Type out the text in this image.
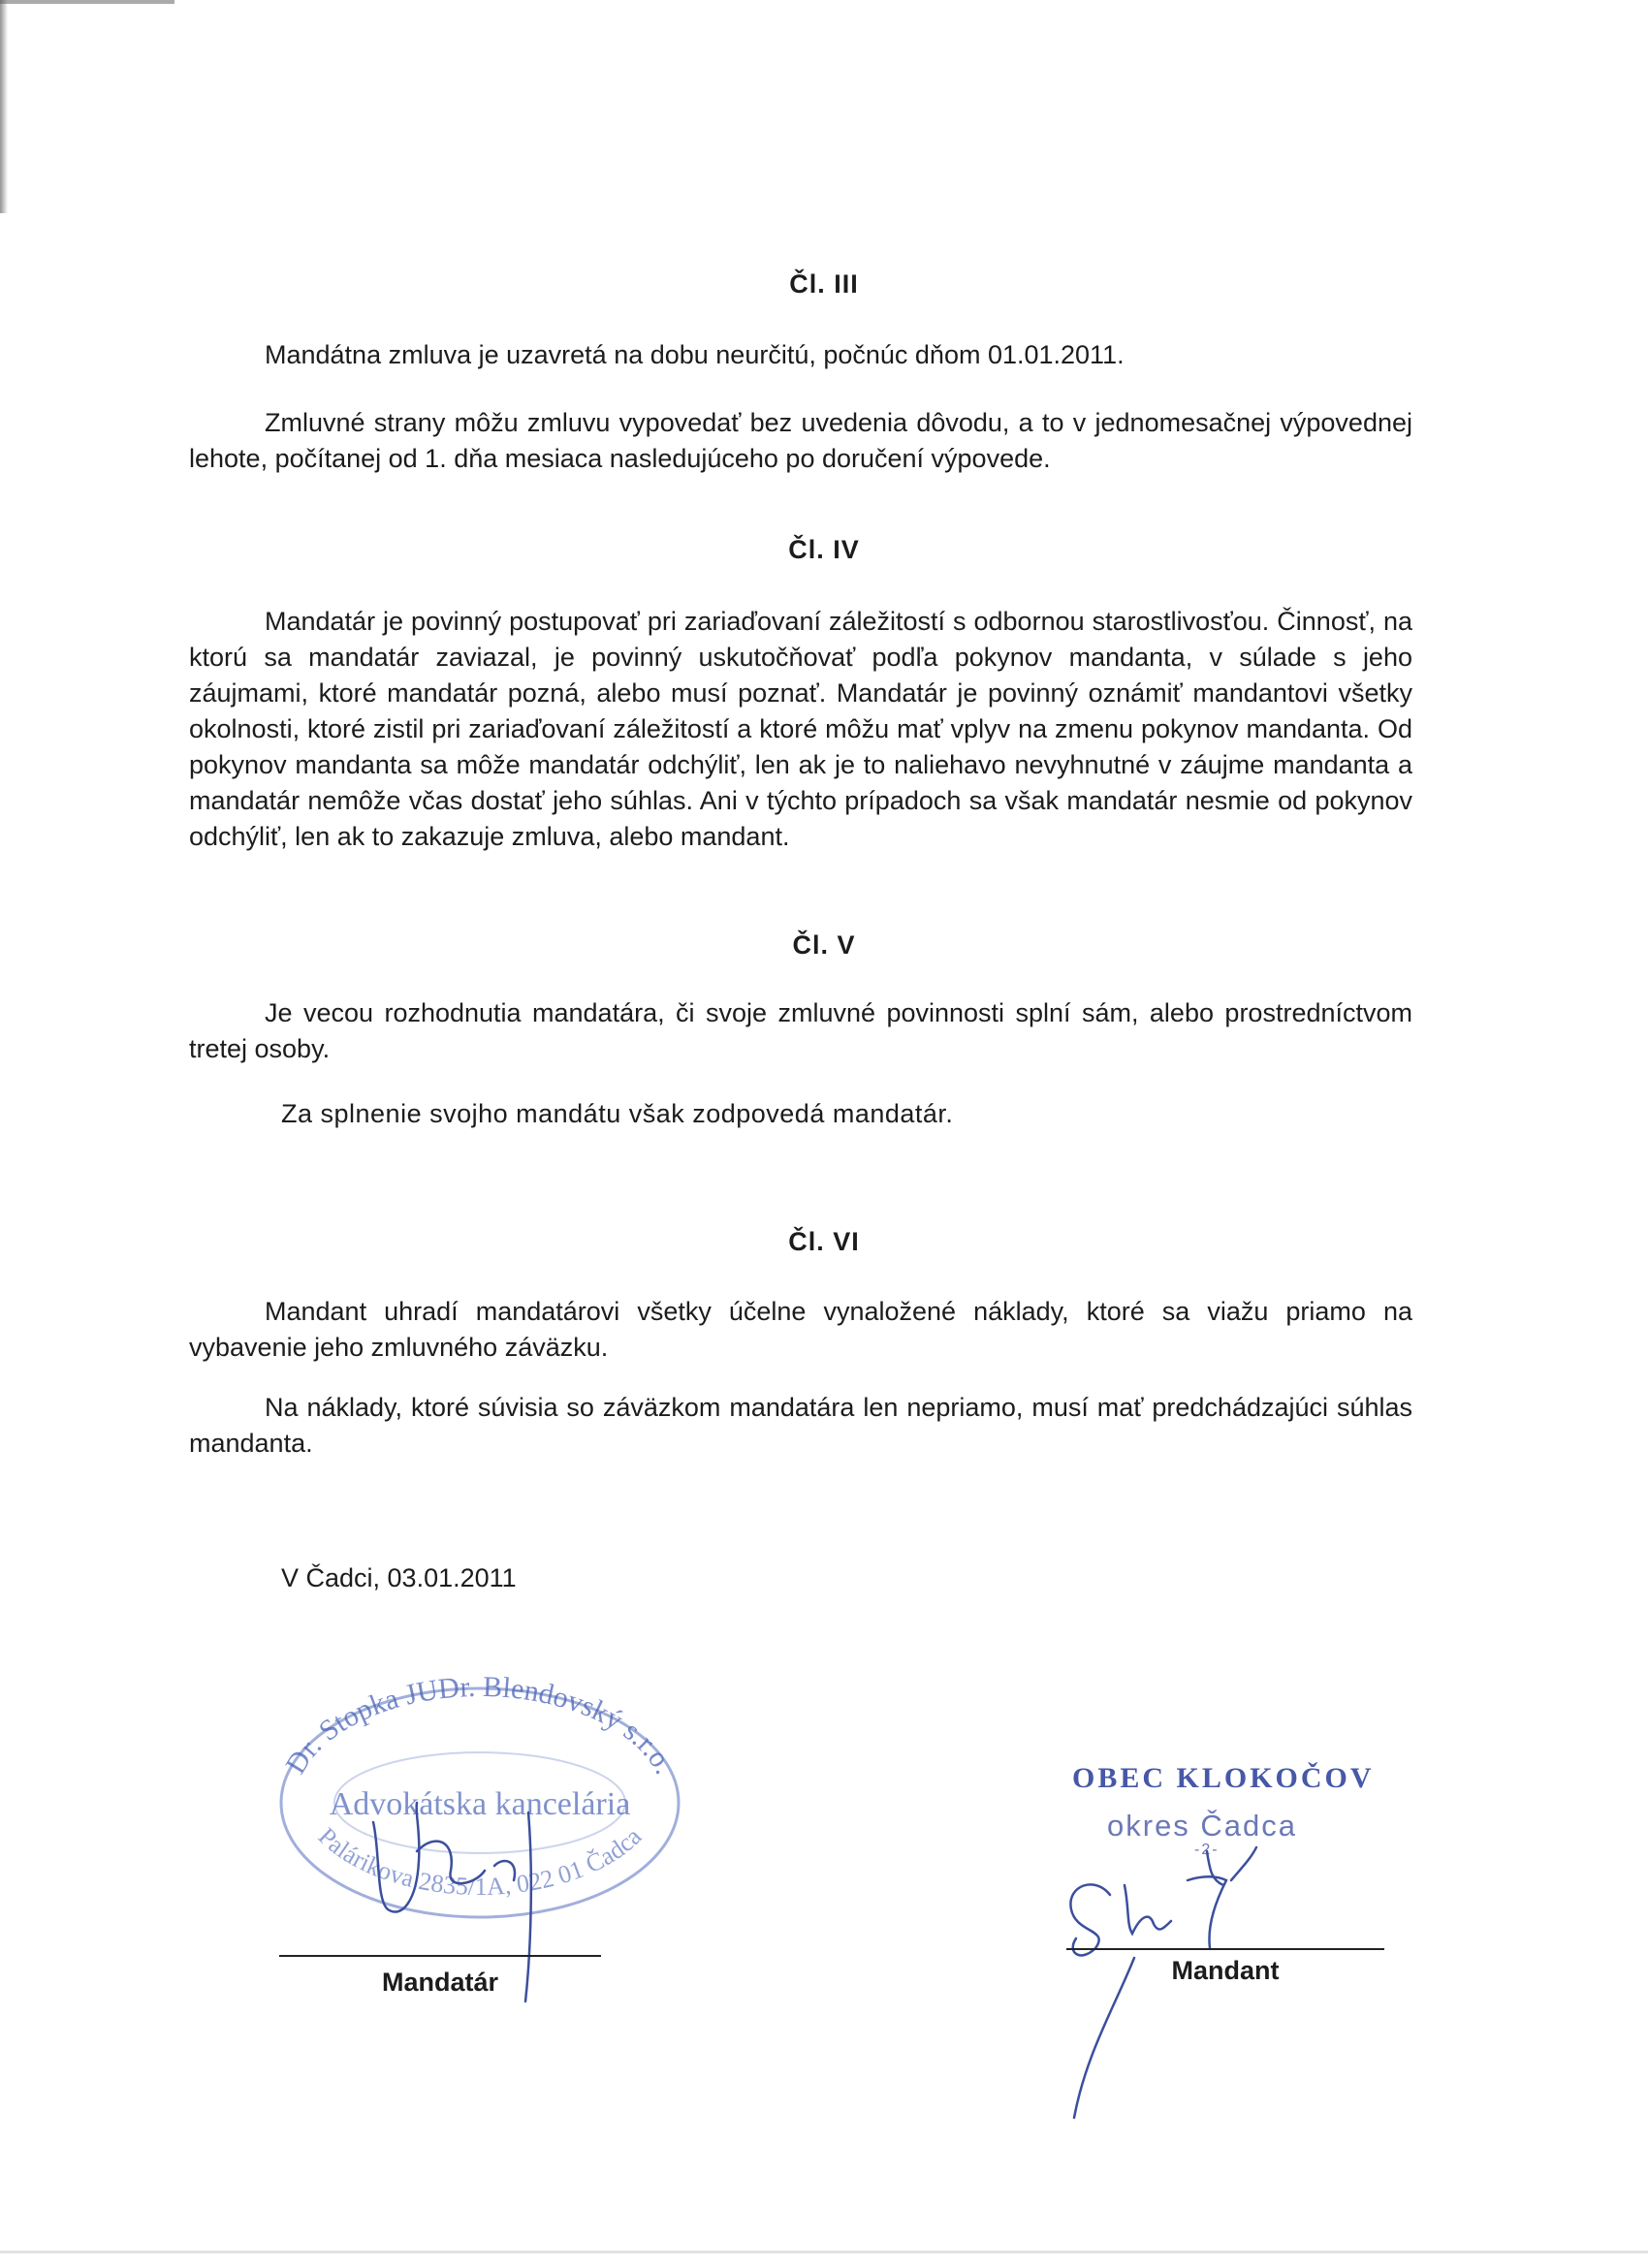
Čl. III
Mandátna zmluva je uzavretá na dobu neurčitú, počnúc dňom 01.01.2011.
Zmluvné strany môžu zmluvu vypovedať bez uvedenia dôvodu, a to v jednomesačnej výpovednej lehote, počítanej od 1. dňa mesiaca nasledujúceho po doručení výpovede.
Čl. IV
Mandatár je povinný postupovať pri zariaďovaní záležitostí s odbornou starostlivosťou. Činnosť, na ktorú sa mandatár zaviazal, je povinný uskutočňovať podľa pokynov mandanta, v súlade s jeho záujmami, ktoré mandatár pozná, alebo musí poznať. Mandatár je povinný oznámiť mandantovi všetky okolnosti, ktoré zistil pri zariaďovaní záležitostí a ktoré môžu mať vplyv na zmenu pokynov mandanta. Od pokynov mandanta sa môže mandatár odchýliť, len ak je to naliehavo nevyhnutné v záujme mandanta a mandatár nemôže včas dostať jeho súhlas. Ani v týchto prípadoch sa však mandatár nesmie od pokynov odchýliť, len ak to zakazuje zmluva, alebo mandant.
Čl. V
Je vecou rozhodnutia mandatára, či svoje zmluvné povinnosti splní sám, alebo prostredníctvom tretej osoby.
Za splnenie svojho mandátu však zodpovedá mandatár.
Čl. VI
Mandant uhradí mandatárovi všetky účelne vynaložené náklady, ktoré sa viažu priamo na vybavenie jeho zmluvného záväzku.
Na náklady, ktoré súvisia so záväzkom mandatára len nepriamo, musí mať predchádzajúci súhlas mandanta.
V Čadci, 03.01.2011
Dr. Stopka JUDr. Blendovský s.r.o.
Advokátska kancelária
Palárikova 2835/1A, 022 01 Čadca
Mandatár
OBEC KLOKOČOV
okres Čadca
-2-
Mandant
